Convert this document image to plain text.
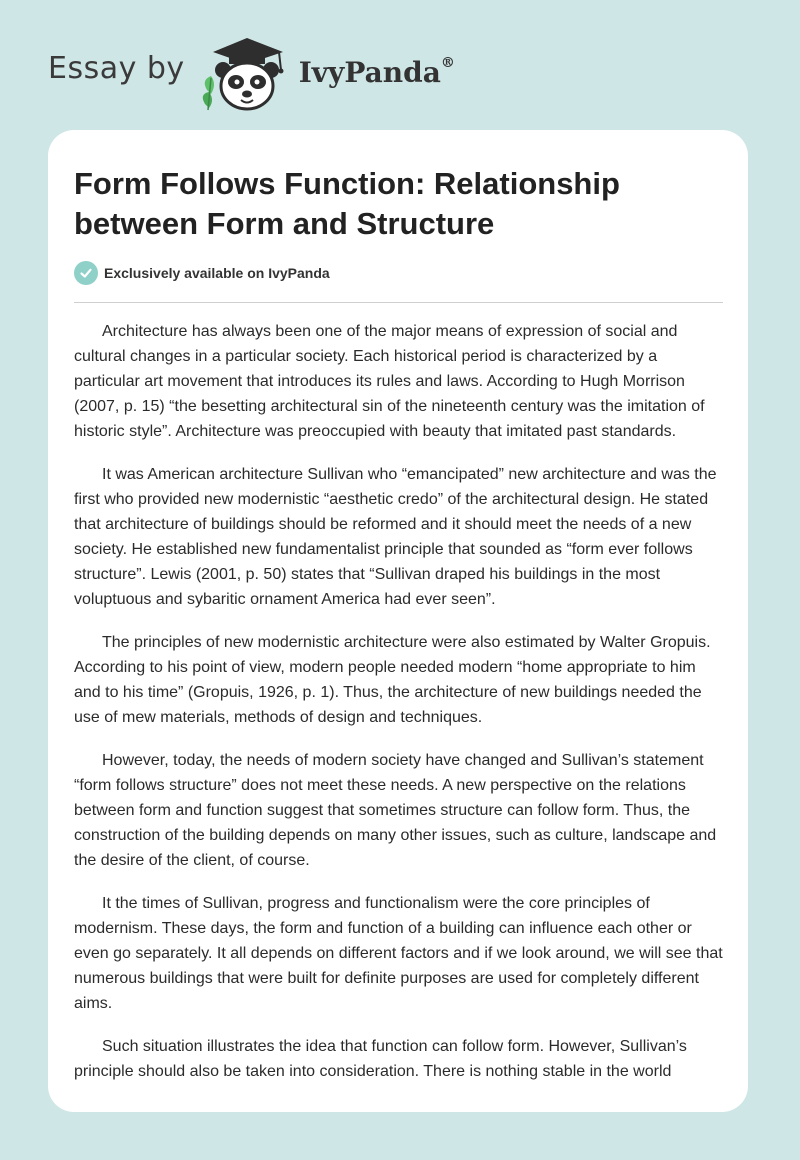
Essay by	IvyPanda®
Form Follows Function: Relationship between Form and Structure
Exclusively available on IvyPanda

Architecture has always been one of the major means of expression of social and cultural changes in a particular society. Each historical period is characterized by a particular art movement that introduces its rules and laws. According to Hugh Morrison (2007, p. 15) “the besetting architectural sin of the nineteenth century was the imitation of historic style”. Architecture was preoccupied with beauty that imitated past standards.

It was American architecture Sullivan who “emancipated” new architecture and was the first who provided new modernistic “aesthetic credo” of the architectural design. He stated that architecture of buildings should be reformed and it should meet the needs of a new society. He established new fundamentalist principle that sounded as “form ever follows structure”. Lewis (2001, p. 50) states that “Sullivan draped his buildings in the most voluptuous and sybaritic ornament America had ever seen”.

The principles of new modernistic architecture were also estimated by Walter Gropuis. According to his point of view, modern people needed modern “home appropriate to him and to his time” (Gropuis, 1926, p. 1). Thus, the architecture of new buildings needed the use of mew materials, methods of design and techniques.

However, today, the needs of modern society have changed and Sullivan’s statement “form follows structure” does not meet these needs. A new perspective on the relations between form and function suggest that sometimes structure can follow form. Thus, the construction of the building depends on many other issues, such as culture, landscape and the desire of the client, of course.

It the times of Sullivan, progress and functionalism were the core principles of modernism. These days, the form and function of a building can influence each other or even go separately. It all depends on different factors and if we look around, we will see that numerous buildings that were built for definite purposes are used for completely different aims.

Such situation illustrates the idea that function can follow form. However, Sullivan’s principle should also be taken into consideration. There is nothing stable in the world
